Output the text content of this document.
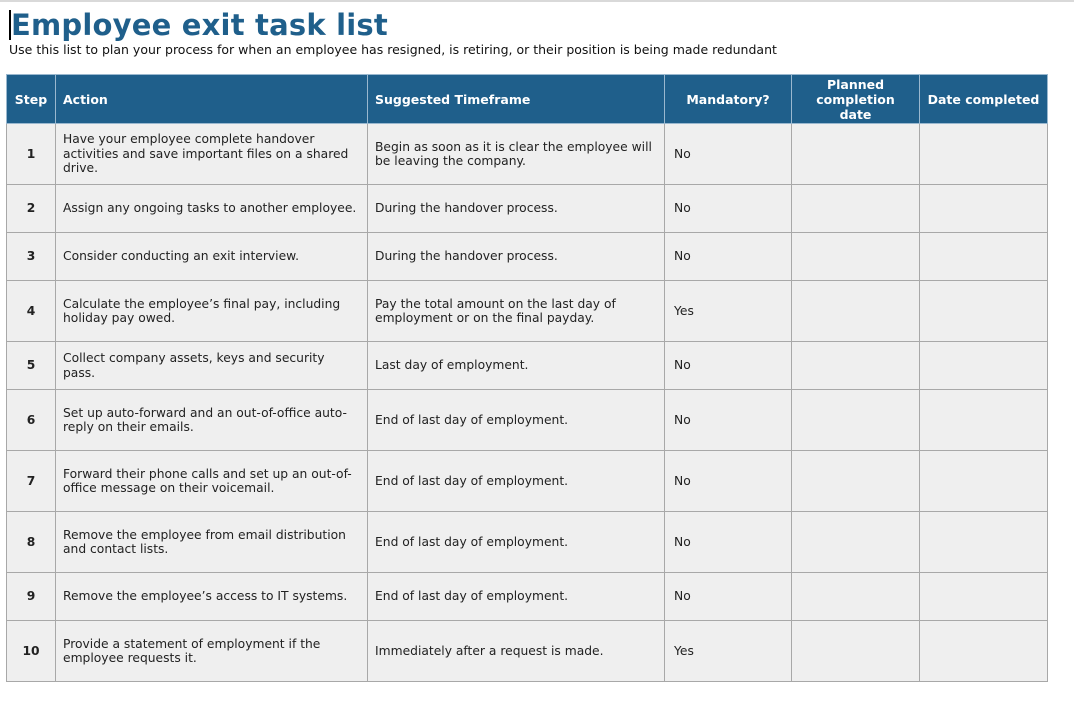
Employee exit task list

Use this list to plan your process for when an employee has resigned, is retiring, or their position is being made redundant

Step	Action	Suggested Timeframe	Mandatory?	Planned completion date	Date completed
1	Have your employee complete handover activities and save important files on a shared drive.	Begin as soon as it is clear the employee will be leaving the company.	No		
2	Assign any ongoing tasks to another employee.	During the handover process.	No		
3	Consider conducting an exit interview.	During the handover process.	No		
4	Calculate the employee’s final pay, including holiday pay owed.	Pay the total amount on the last day of employment or on the final payday.	Yes		
5	Collect company assets, keys and security pass.	Last day of employment.	No		
6	Set up auto-forward and an out-of-office auto-reply on their emails.	End of last day of employment.	No		
7	Forward their phone calls and set up an out-of-office message on their voicemail.	End of last day of employment.	No		
8	Remove the employee from email distribution and contact lists.	End of last day of employment.	No		
9	Remove the employee’s access to IT systems.	End of last day of employment.	No		
10	Provide a statement of employment if the employee requests it.	Immediately after a request is made.	Yes		
